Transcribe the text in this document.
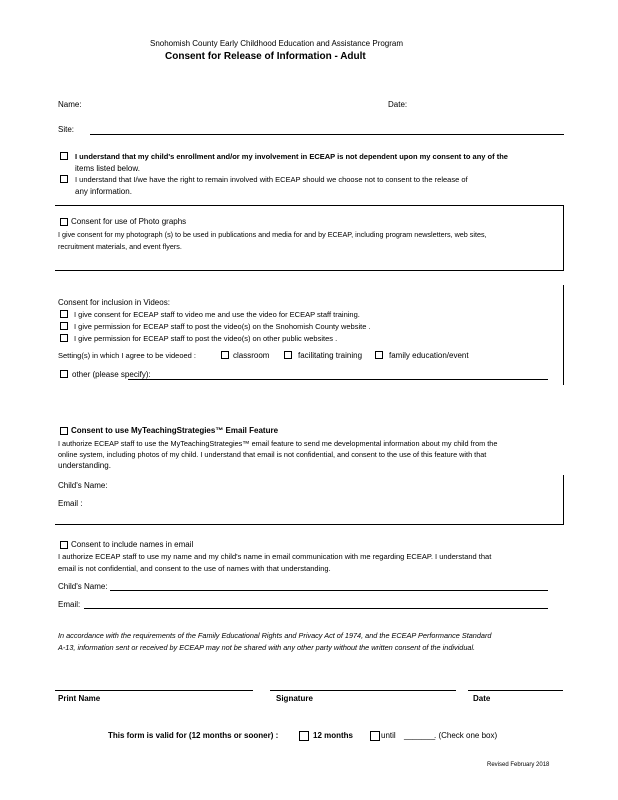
Snohomish County Early Childhood Education and Assistance Program
Consent for Release of Information - Adult
Name:	Date:
Site:
I understand that my child's enrollment and/or my involvement in ECEAP is not dependent upon my consent to any of the
items listed below.
I understand that I/we have the right to remain involved with ECEAP should we choose not to consent to the release of
any information.
Consent for use of Photo graphs
I give consent for my photograph (s) to be used in publications and media for and by ECEAP, including program newsletters, web sites,
recruitment materials, and event flyers.
Consent for inclusion in Videos:
I give consent for ECEAP staff to video me and use the video for ECEAP staff training.
I give permission for ECEAP staff to post the video(s) on the Snohomish County website .
I give permission for ECEAP staff to post the video(s) on other public websites .
Setting(s) in which I agree to be videoed :	classroom	facilitating training	family education/event
other (please specify):
Consent to use MyTeachingStrategies™ Email Feature
I authorize ECEAP staff to use the MyTeachingStrategies™ email feature to send me developmental information about my child from the
online system, including photos of my child. I understand that email is not confidential, and consent to the use of this feature with that
understanding.
Child's Name:
Email :
Consent to include names in email
I authorize ECEAP staff to use my name and my child's name in email communication with me regarding ECEAP. I understand that
email is not confidential, and consent to the use of names with that understanding.
Child's Name:
Email:
In accordance with the requirements of the Family Educational Rights and Privacy Act of 1974, and the ECEAP Performance Standard
A-13, information sent or received by ECEAP may not be shared with any other party without the written consent of the individual.
Print Name	Signature	Date
This form is valid for (12 months or sooner) :	12 months	until _______
. (Check one box)
Revised February 2018
